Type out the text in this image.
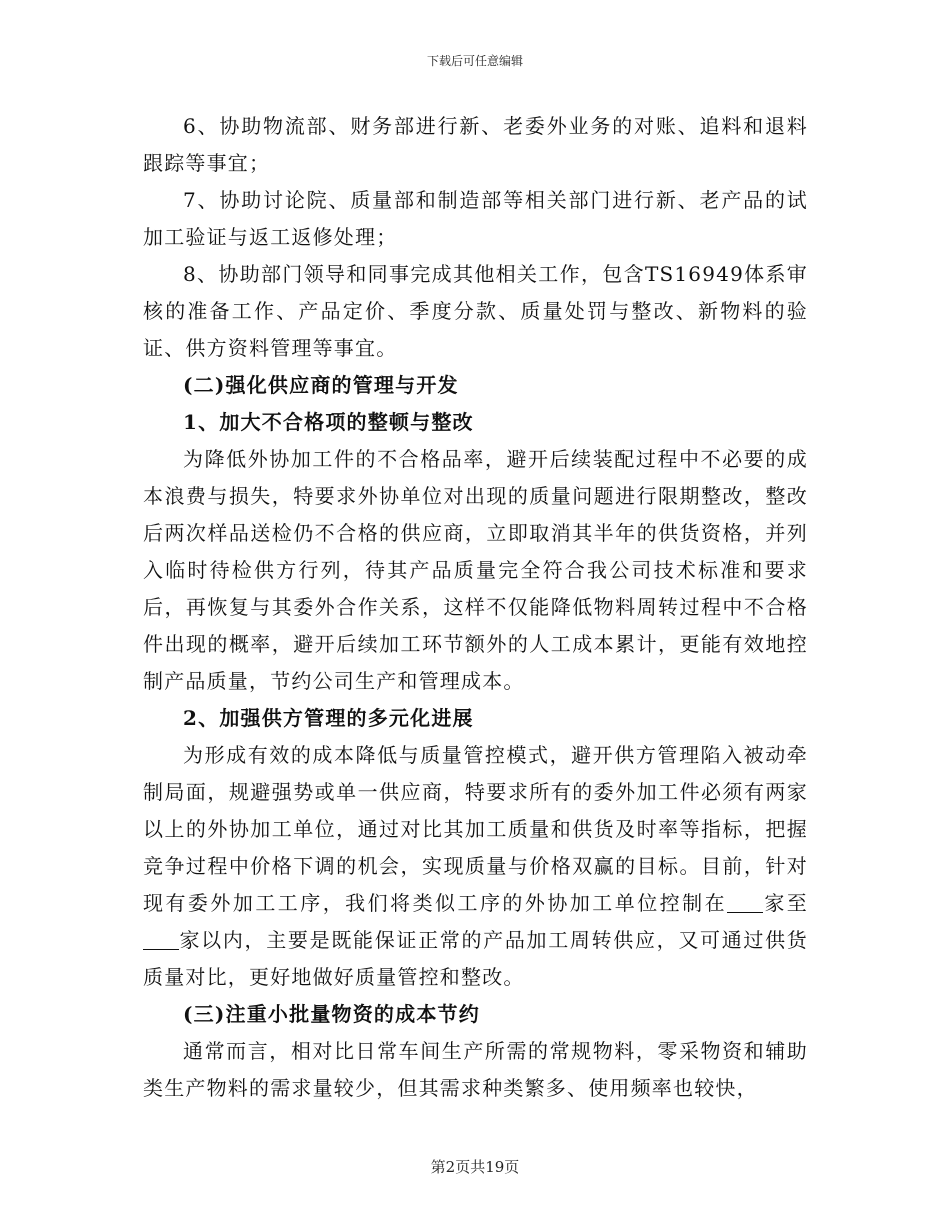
下载后可任意编辑

6、协助物流部、财务部进行新、老委外业务的对账、追料和退料跟踪等事宜；

7、协助讨论院、质量部和制造部等相关部门进行新、老产品的试加工验证与返工返修处理；

8、协助部门领导和同事完成其他相关工作，包含TS16949体系审核的准备工作、产品定价、季度分款、质量处罚与整改、新物料的验证、供方资料管理等事宜。

(二)强化供应商的管理与开发

1、加大不合格项的整顿与整改

为降低外协加工件的不合格品率，避开后续装配过程中不必要的成本浪费与损失，特要求外协单位对出现的质量问题进行限期整改，整改后两次样品送检仍不合格的供应商，立即取消其半年的供货资格，并列入临时待检供方行列，待其产品质量完全符合我公司技术标准和要求后，再恢复与其委外合作关系，这样不仅能降低物料周转过程中不合格件出现的概率，避开后续加工环节额外的人工成本累计，更能有效地控制产品质量，节约公司生产和管理成本。

2、加强供方管理的多元化进展

为形成有效的成本降低与质量管控模式，避开供方管理陷入被动牵制局面，规避强势或单一供应商，特要求所有的委外加工件必须有两家以上的外协加工单位，通过对比其加工质量和供货及时率等指标，把握竞争过程中价格下调的机会，实现质量与价格双赢的目标。目前，针对现有委外加工工序，我们将类似工序的外协加工单位控制在 家至家以内，主要是既能保证正常的产品加工周转供应，又可通过供货质量对比，更好地做好质量管控和整改。

(三)注重小批量物资的成本节约

通常而言，相对比日常车间生产所需的常规物料，零采物资和辅助类生产物料的需求量较少，但其需求种类繁多、使用频率也较快，

第2页共19页
